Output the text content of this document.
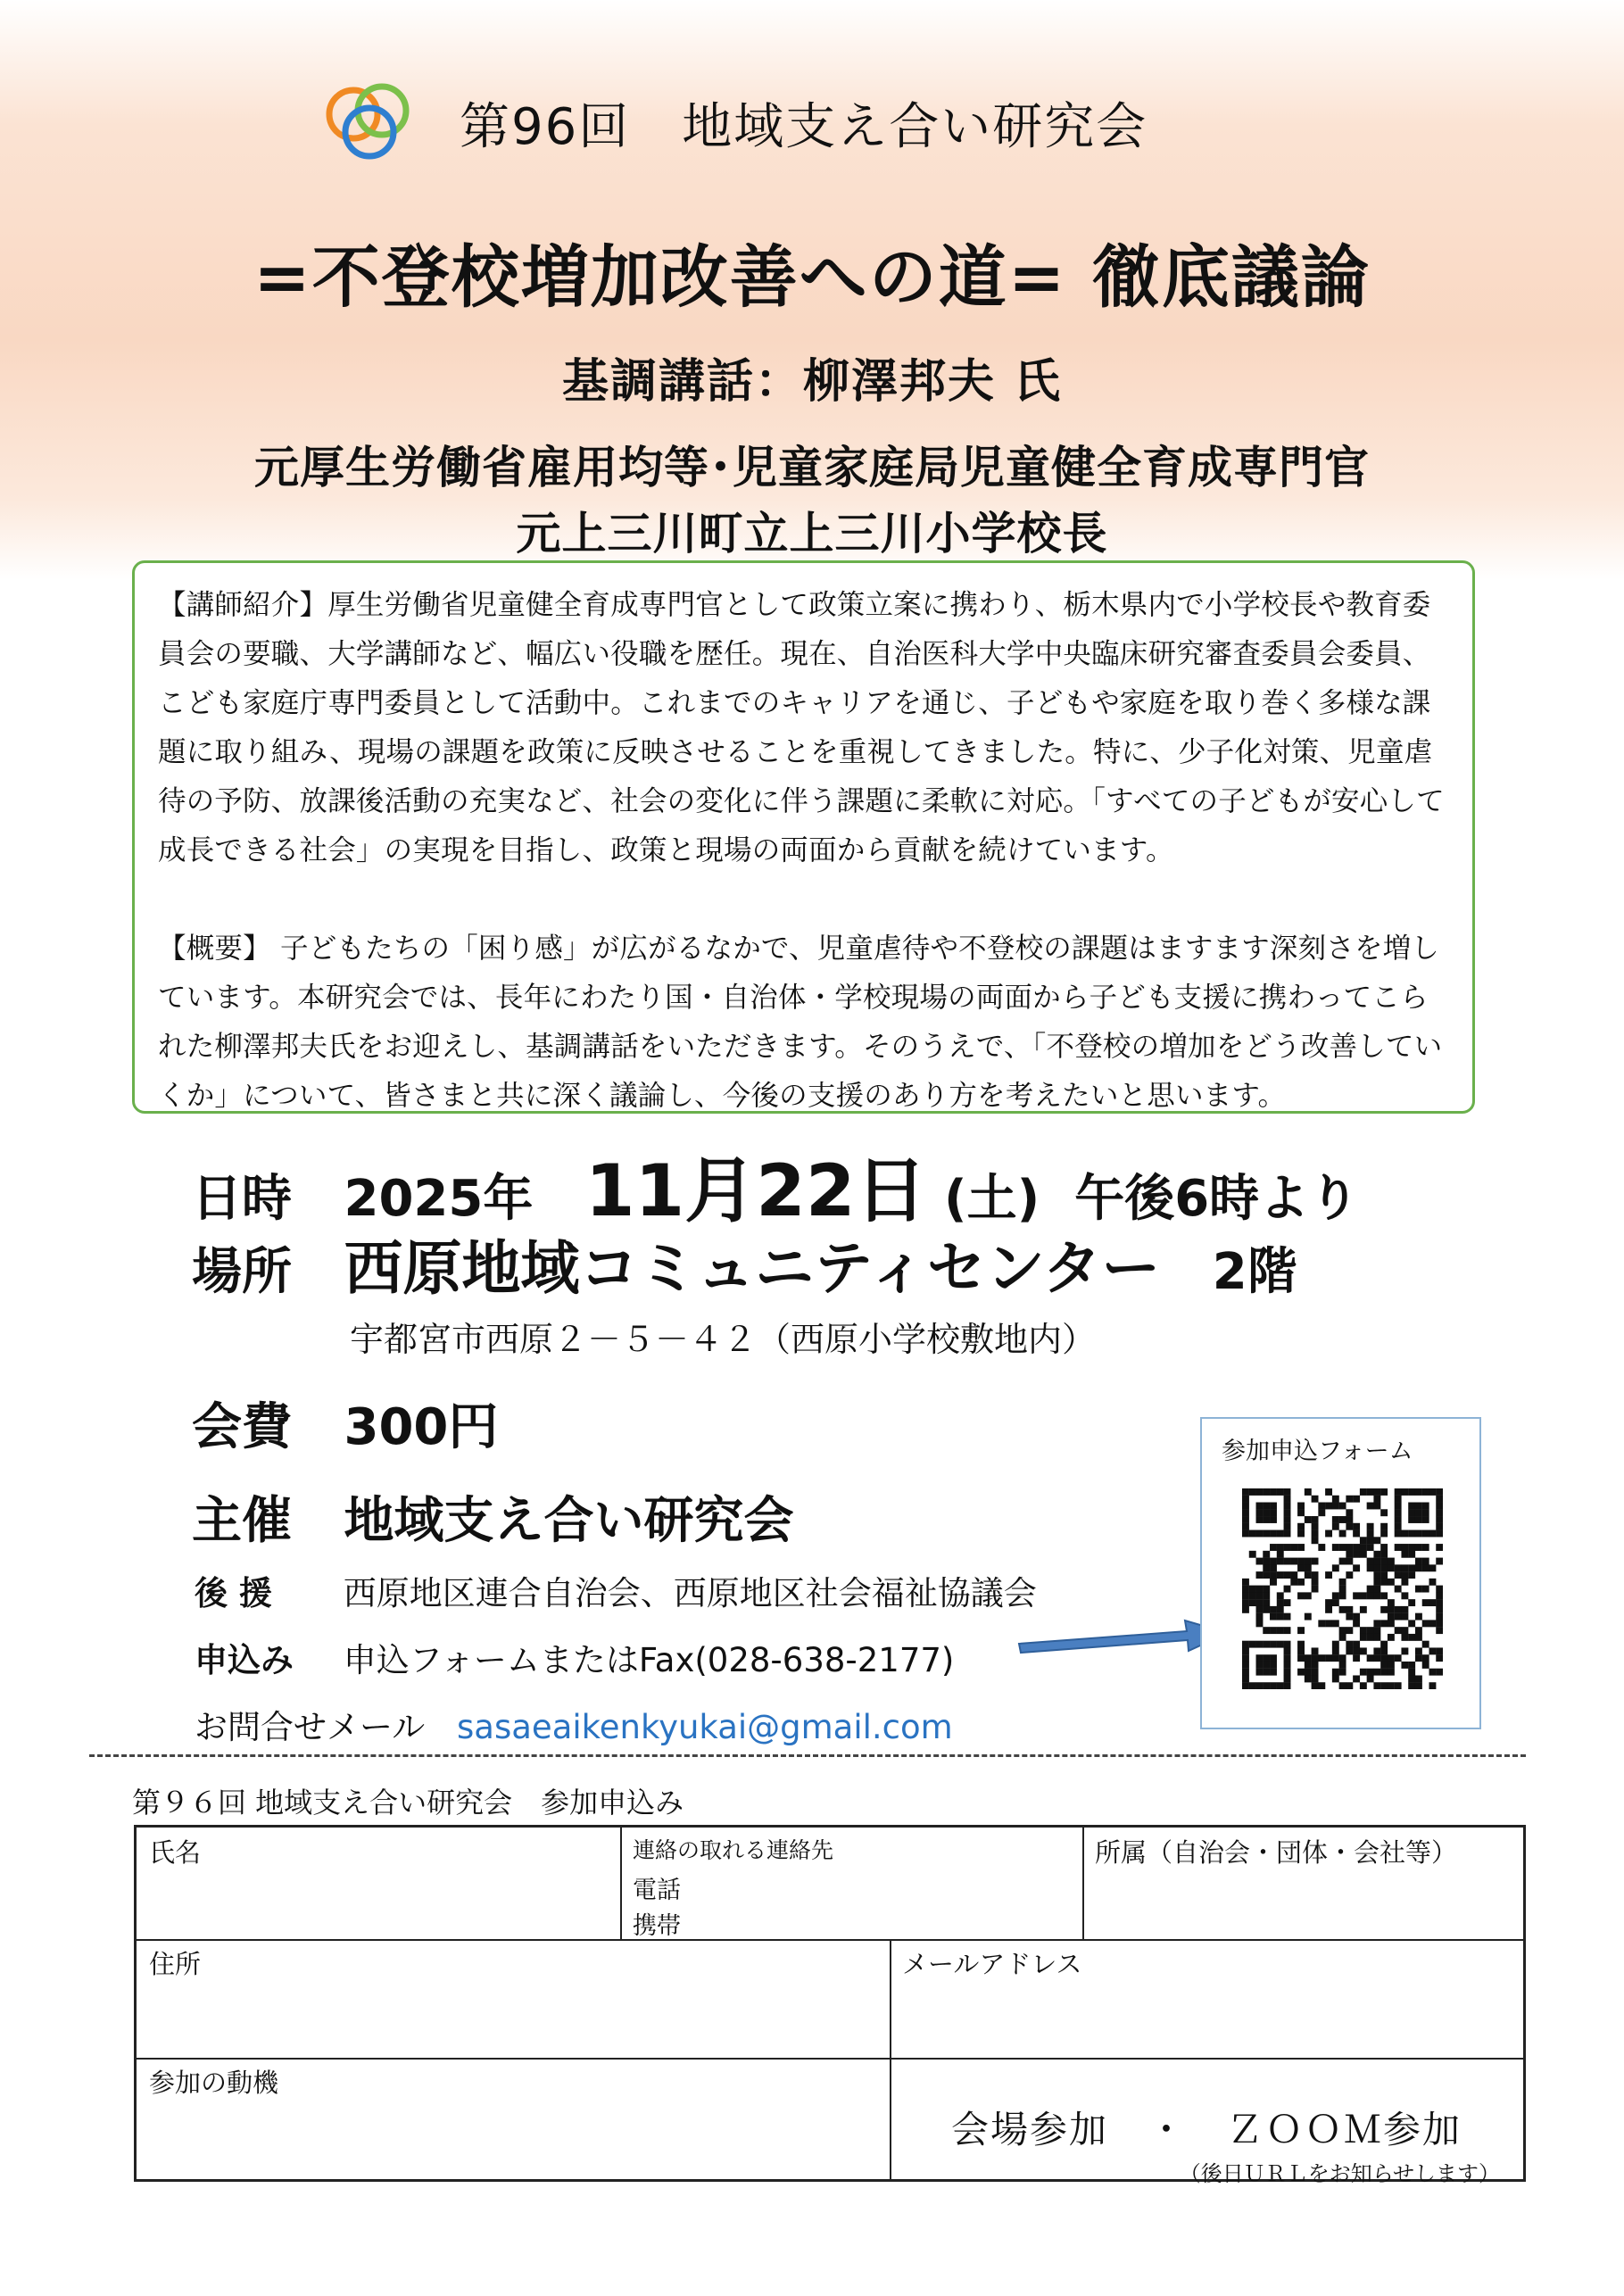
第96回　地域支え合い研究会
=不登校増加改善への道= 徹底議論
基調講話：柳澤邦夫 氏
元厚生労働省雇用均等･児童家庭局児童健全育成専門官
元上三川町立上三川小学校長
【講師紹介】厚生労働省児童健全育成専門官として政策立案に携わり、栃木県内で小学校長や教育委員会の要職、大学講師など、幅広い役職を歴任。現在、自治医科大学中央臨床研究審査委員会委員、こども家庭庁専門委員として活動中。これまでのキャリアを通じ、子どもや家庭を取り巻く多様な課題に取り組み、現場の課題を政策に反映させることを重視してきました。特に、少子化対策、児童虐待の予防、放課後活動の充実など、社会の変化に伴う課題に柔軟に対応。「すべての子どもが安心して成長できる社会」の実現を目指し、政策と現場の両面から貢献を続けています。
【概要】 子どもたちの「困り感」が広がるなかで、児童虐待や不登校の課題はますます深刻さを増しています。本研究会では、長年にわたり国・自治体・学校現場の両面から子ども支援に携わってこられた柳澤邦夫氏をお迎えし、基調講話をいただきます。そのうえで、「不登校の増加をどう改善していくか」について、皆さまと共に深く議論し、今後の支援のあり方を考えたいと思います。
日時 2025年 11月22日 (土) 午後6時より
場所 西原地域コミュニティセンター 2階
宇都宮市西原２－５－４２（西原小学校敷地内）
会費 300円
主催 地域支え合い研究会
後 援 西原地区連合自治会、西原地区社会福祉協議会
申込み 申込フォームまたはFax(028-638-2177)
お問合せメール sasaeaikenkyukai@gmail.com
参加申込フォーム
第９６回 地域支え合い研究会　参加申込み
氏名	連絡の取れる連絡先
電話
携帯
所属（自治会・団体・会社等）
住所	メールアドレス
参加の動機
会場参加　・　ＺＯＯＭ参加
（後日ＵＲＬをお知らせします）
